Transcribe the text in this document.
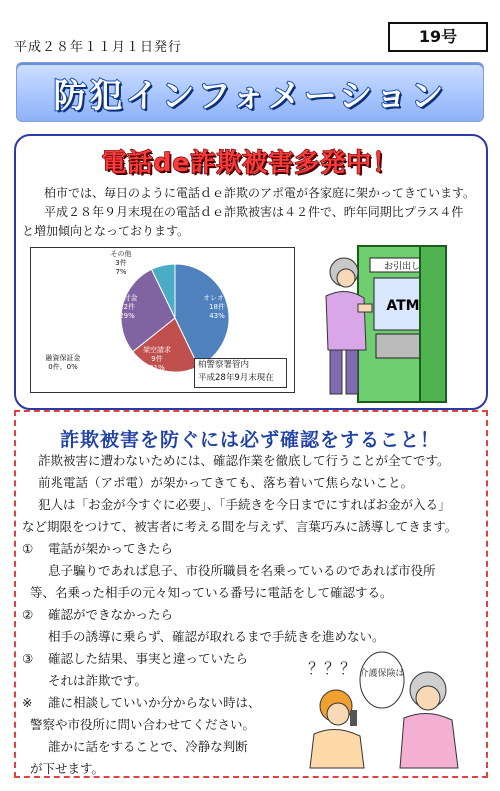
平成２８年１１月１日発行
19号
防犯インフォメーション
電話de詐欺被害多発中！
柏市では、毎日のように電話ｄｅ詐欺のアポ電が各家庭に架かってきています。
平成２８年９月末現在の電話ｄｅ詐欺被害は４２件で、昨年同期比プラス４件
と増加傾向となっております。
オレオレ
18件
43%
架空請求
9件
21%
融資保証金
0件、0%
還付金
12件
29%
その他
3件
7%
柏警察署管内
平成28年9月末現在
お引出し
ATM
詐欺被害を防ぐには必ず確認をすること！
詐欺被害に遭わないためには、確認作業を徹底して行うことが全てです。
前兆電話（アポ電）が架かってきても、落ち着いて焦らないこと。
犯人は「お金が今すぐに必要」、「手続きを今日までにすればお金が入る」
など期限をつけて、被害者に考える間を与えず、言葉巧みに誘導してきます。
① 電話が架かってきたら
息子騙りであれば息子、市役所職員を名乗っているのであれば市役所
等、名乗った相手の元々知っている番号に電話をして確認する。
② 確認ができなかったら
相手の誘導に乗らず、確認が取れるまで手続きを進めない。
③ 確認した結果、事実と違っていたら
それは詐欺です。
※ 誰に相談していいか分からない時は、
警察や市役所に問い合わせてください。
誰かに話をすることで、冷静な判断
が下せます。
？？？ 介護保険は
